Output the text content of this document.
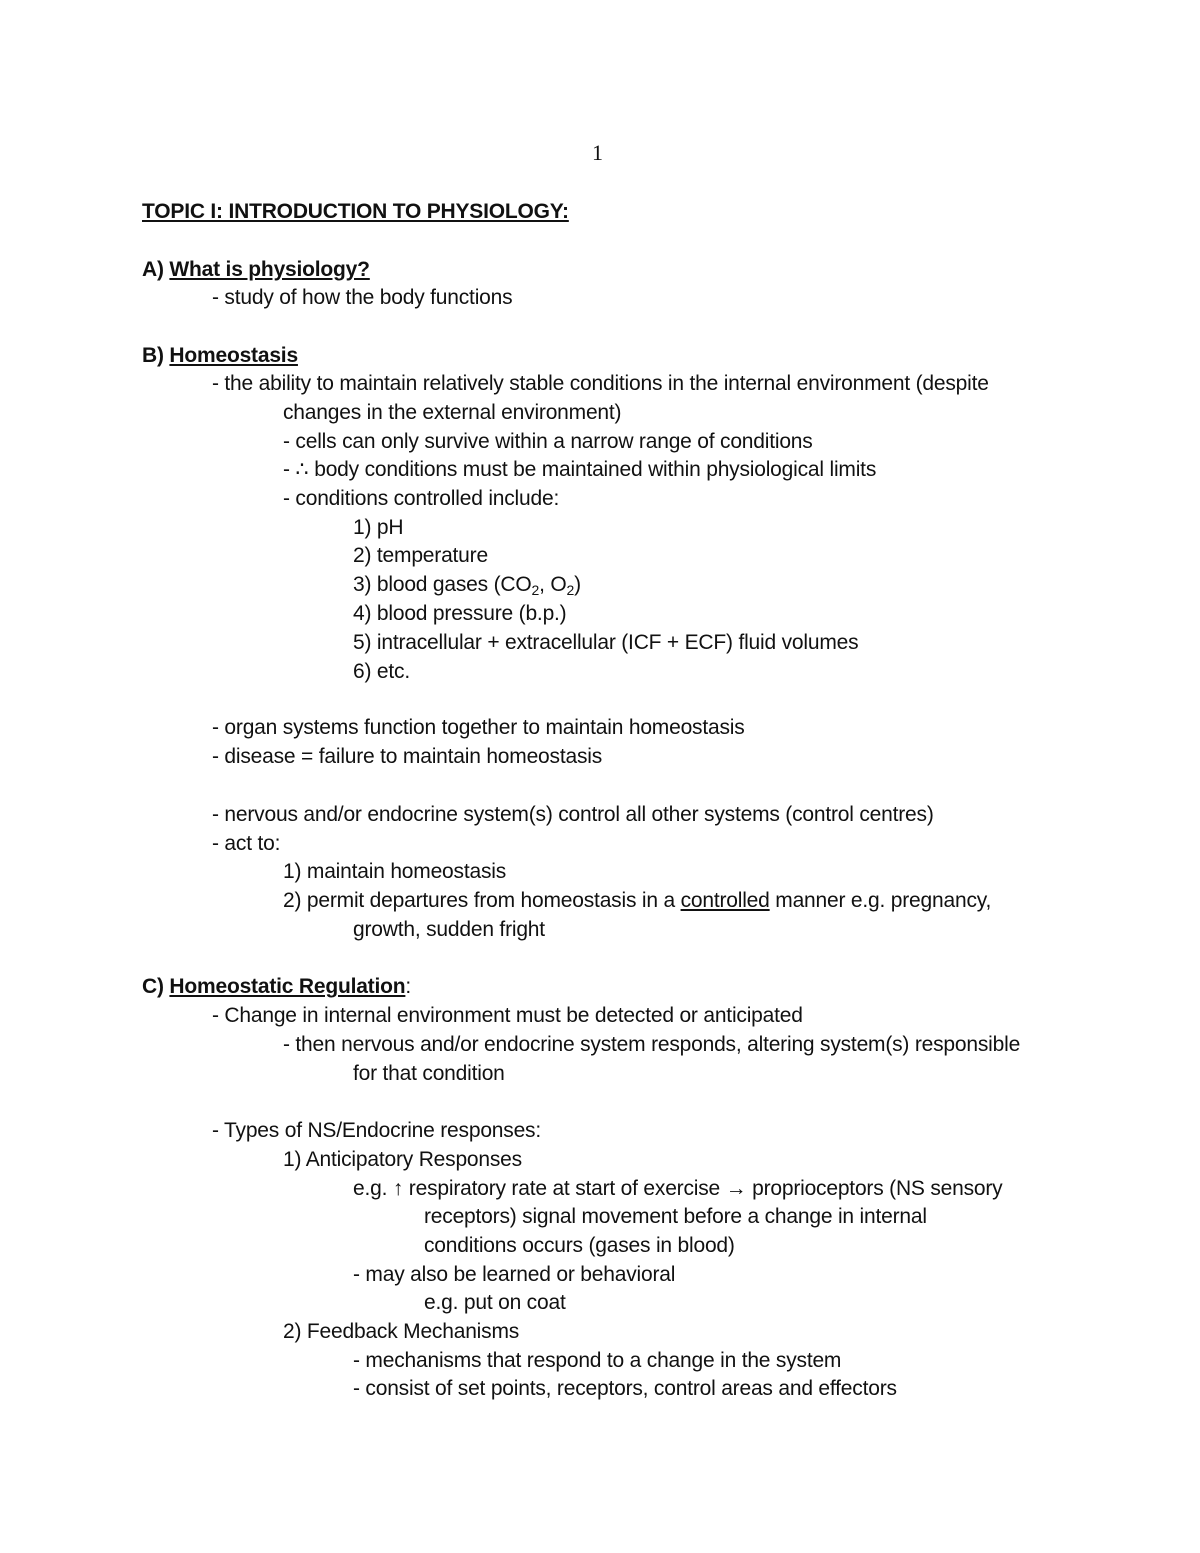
1
TOPIC I: INTRODUCTION TO PHYSIOLOGY:
A) What is physiology?
- study of how the body functions
B) Homeostasis
- the ability to maintain relatively stable conditions in the internal environment (despite
changes in the external environment)
- cells can only survive within a narrow range of conditions
- ∴ body conditions must be maintained within physiological limits
- conditions controlled include:
1) pH
2) temperature
3) blood gases ($CO_2$, $O_2$)
4) blood pressure (b.p.)
5) intracellular + extracellular (ICF + ECF) fluid volumes
6) etc.
- organ systems function together to maintain homeostasis
- disease = failure to maintain homeostasis
- nervous and/or endocrine system(s) control all other systems (control centres)
- act to:
1) maintain homeostasis
2) permit departures from homeostasis in a controlled manner e.g. pregnancy,
growth, sudden fright
C) Homeostatic Regulation:
- Change in internal environment must be detected or anticipated
- then nervous and/or endocrine system responds, altering system(s) responsible
for that condition
- Types of NS/Endocrine responses:
1) Anticipatory Responses
e.g. ↑ respiratory rate at start of exercise → proprioceptors (NS sensory
receptors) signal movement before a change in internal
conditions occurs (gases in blood)
- may also be learned or behavioral
e.g. put on coat
2) Feedback Mechanisms
- mechanisms that respond to a change in the system
- consist of set points, receptors, control areas and effectors
